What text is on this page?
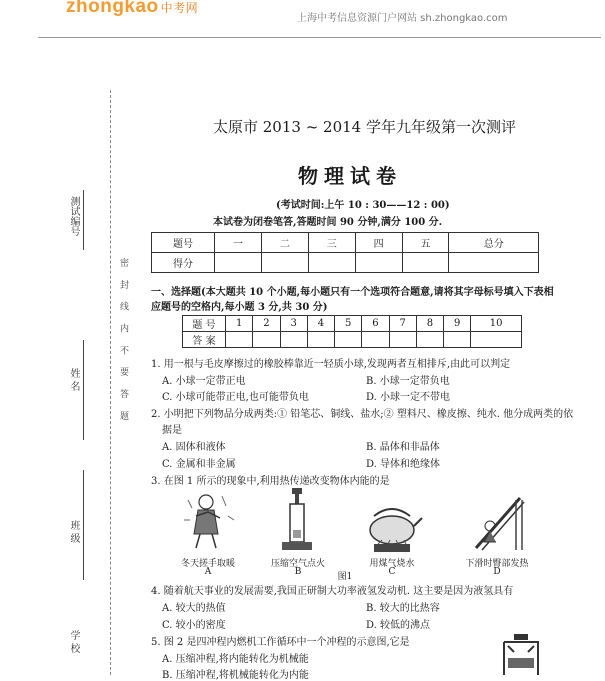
zhongkao 中考网
上海中考信息资源门户网站 sh.zhongkao.com
测试编号
姓 名
班 级
学 校
密 封 线 内 不 要 答 题
太原市 2013 ~ 2014 学年九年级第一次测评
物理试卷
(考试时间:上午 10 : 30——12 : 00)
本试卷为闭卷笔答,答题时间 90 分钟,满分 100 分.
题号	一	二	三	四	五	总分
得分						
一、选择题(本大题共 10 个小题,每小题只有一个选项符合题意,请将其字母标号填入下表相
应题号的空格内,每小题 3 分,共 30 分)
题 号	1	2	3	4	5	6	7	8	9	10
答 案										
1. 用一根与毛皮摩擦过的橡胶棒靠近一轻质小球,发现两者互相排斥,由此可以判定
A. 小球一定带正电	B. 小球一定带负电
C. 小球可能带正电,也可能带负电	D. 小球一定不带电
2. 小明把下列物品分成两类:① 铅笔芯、铜线、盐水;② 塑料尺、橡皮擦、纯水. 他分成两类的依
据是
A. 固体和液体	B. 晶体和非晶体
C. 金属和非金属	D. 导体和绝缘体
3. 在图 1 所示的现象中,利用热传递改变物体内能的是
冬天搓手取暖	压缩空气点火	用煤气烧水	下滑时臀部发热
A	B	C	D
图1
4. 随着航天事业的发展需要,我国正研制大功率液氢发动机. 这主要是因为液氢具有
A. 较大的热值	B. 较大的比热容
C. 较小的密度	D. 较低的沸点
5. 图 2 是四冲程内燃机工作循环中一个冲程的示意图,它是
A. 压缩冲程,将内能转化为机械能
B. 压缩冲程,将机械能转化为内能
